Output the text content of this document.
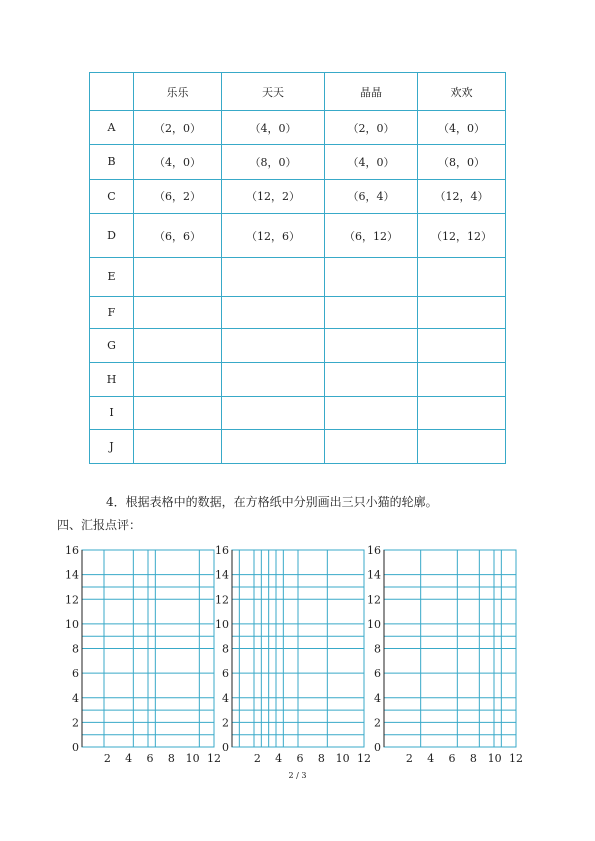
	乐乐	天天	晶晶	欢欢
A	（2，0）	（4，0）	（2，0）	（4，0）
B	（4，0）	（8，0）	（4，0）	（8，0）
C	（6，2）	（12，2）	（6，4）	（12，4）
D	（6，6）	（12，6）	（6，12）	（12，12）
E				
F				
G				
H				
I				
J				
4．根据表格中的数据，在方格纸中分别画出三只小猫的轮廓。
四、汇报点评：
16
14
12
10
8
6
4
2
0
2 4 6 8 10 12
16
14
12
10
8
6
4
2
0
2 4 6 8 10 12
16
14
12
10
8
6
4
2
0
2 4 6 8 10 12
2 / 3
